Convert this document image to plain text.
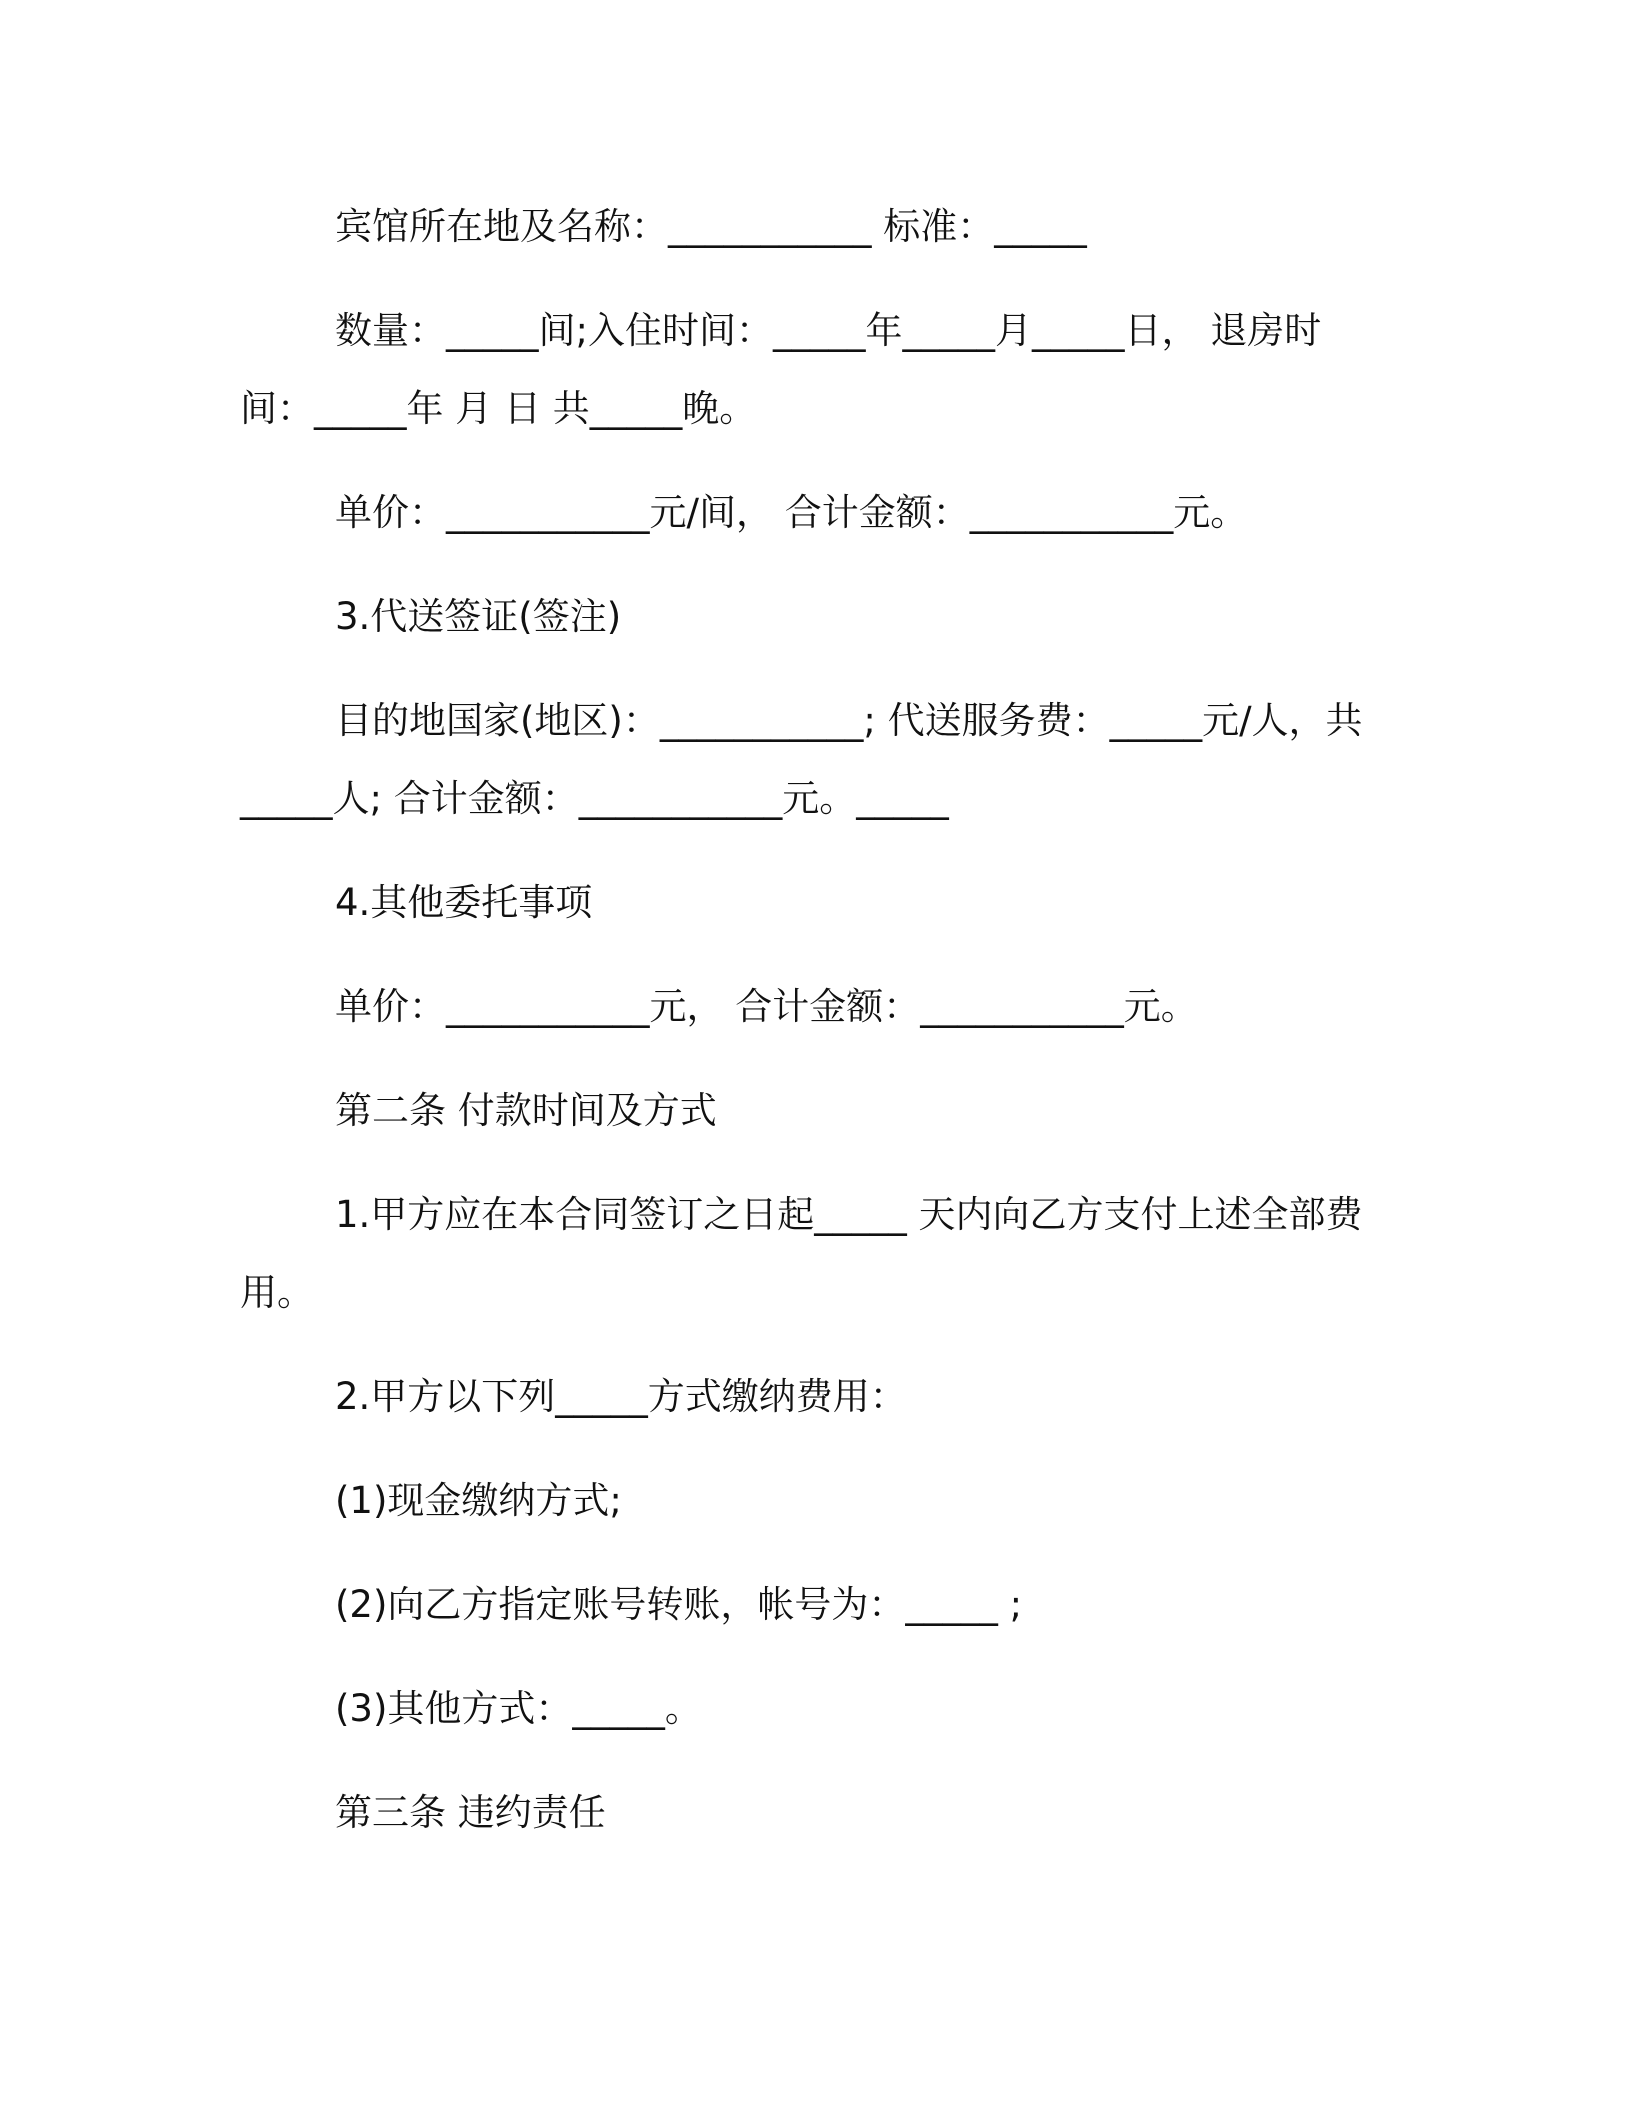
宾馆所在地及名称：___________ 标准：_____

数量：_____间;入住时间：_____年_____月_____日， 退房时间：_____年 月 日 共_____晚。

单价：___________元/间， 合计金额：___________元。

3.代送签证(签注)

目的地国家(地区)：___________; 代送服务费：_____元/人，共_____人; 合计金额：___________元。_____

4.其他委托事项

单价：___________元， 合计金额：___________元。

第二条 付款时间及方式

1.甲方应在本合同签订之日起_____ 天内向乙方支付上述全部费用。

2.甲方以下列_____方式缴纳费用：

(1)现金缴纳方式;

(2)向乙方指定账号转账，帐号为：_____ ;

(3)其他方式：_____。

第三条 违约责任
